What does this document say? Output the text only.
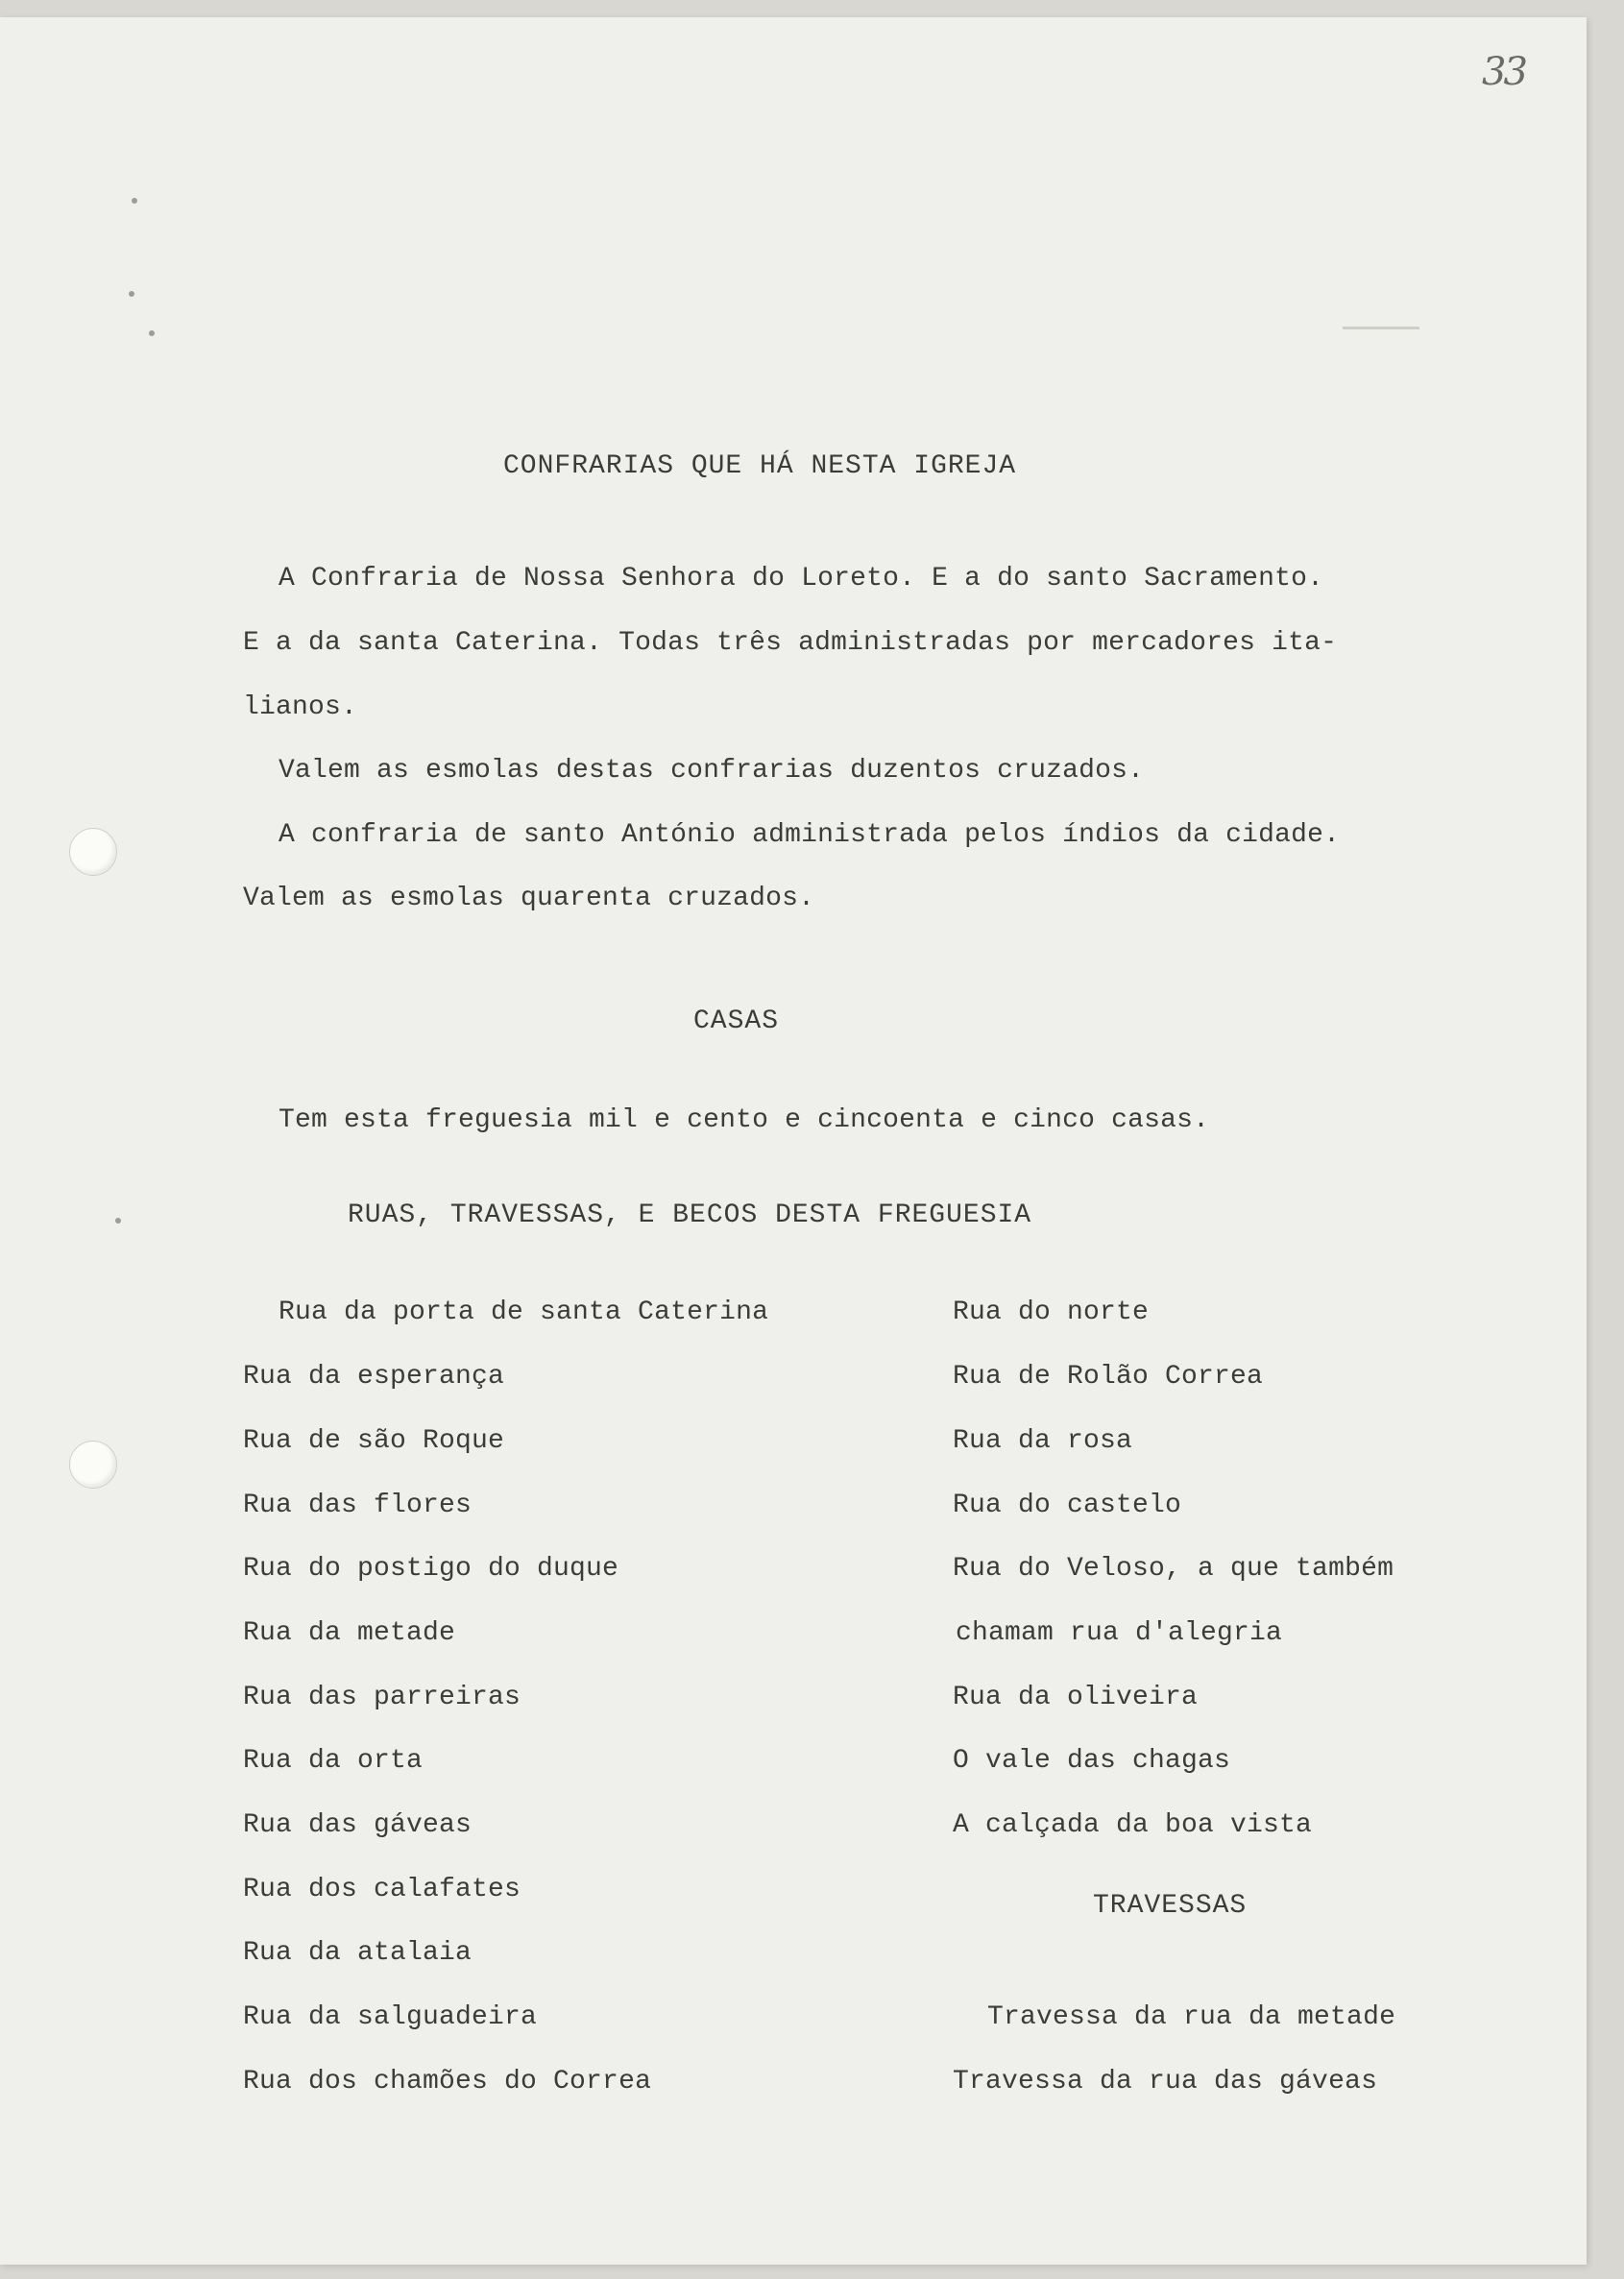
33
CONFRARIAS QUE HÁ NESTA IGREJA
A Confraria de Nossa Senhora do Loreto. E a do santo Sacramento.
E a da santa Caterina. Todas três administradas por mercadores ita-
lianos.
Valem as esmolas destas confrarias duzentos cruzados.
A confraria de santo António administrada pelos índios da cidade.
Valem as esmolas quarenta cruzados.
CASAS
Tem esta freguesia mil e cento e cincoenta e cinco casas.
RUAS, TRAVESSAS, E BECOS DESTA FREGUESIA
Rua da porta de santa Caterina
Rua da esperança
Rua de são Roque
Rua das flores
Rua do postigo do duque
Rua da metade
Rua das parreiras
Rua da orta
Rua das gáveas
Rua dos calafates
Rua da atalaia
Rua da salguadeira
Rua dos chamões do Correa
Rua do norte
Rua de Rolão Correa
Rua da rosa
Rua do castelo
Rua do Veloso, a que também
chamam rua d'alegria
Rua da oliveira
O vale das chagas
A calçada da boa vista
TRAVESSAS
Travessa da rua da metade
Travessa da rua das gáveas
